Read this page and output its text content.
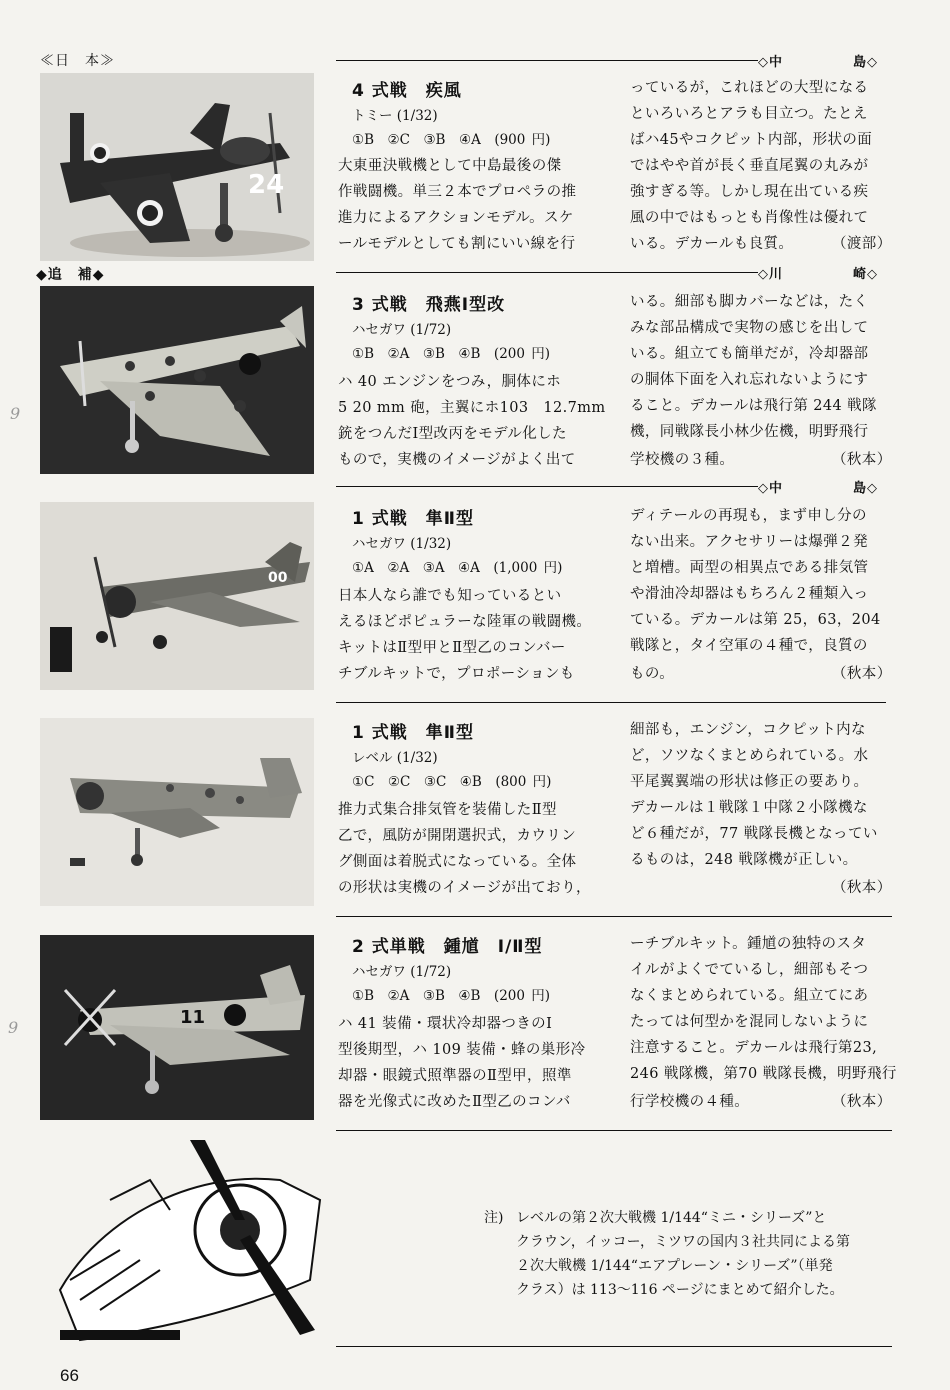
≪日　本≫
◆追　補◆
24
00
11
◇中　　　　　島◇
4 式戦　疾風
トミー (1/32)
①B　②C　③B　④A　(900 円)
大東亜決戦機として中島最後の傑
作戦闘機。単三２本でプロペラの推
進力によるアクションモデル。スケ
ールモデルとしても割にいい線を行
っているが，これほどの大型になる
といろいろとアラも目立つ。たとえ
ばハ45やコクピット内部，形状の面
ではやや首が長く垂直尾翼の丸みが
強すぎる等。しかし現在出ている疾
風の中ではもっとも肖像性は優れて
いる。デカールも良質。	（渡部）
◇川　　　　　崎◇
3 式戦　飛燕Ⅰ型改
ハセガワ (1/72)
①B　②A　③B　④B　(200 円)
ハ 40 エンジンをつみ，胴体にホ
5 20 mm 砲，主翼にホ103　12.7mm
銃をつんだⅠ型改丙をモデル化した
もので，実機のイメージがよく出て
いる。細部も脚カバーなどは，たく
みな部品構成で実物の感じを出して
いる。組立ても簡単だが，冷却器部
の胴体下面を入れ忘れないようにす
ること。デカールは飛行第 244 戦隊
機，同戦隊長小林少佐機，明野飛行
学校機の３種。	（秋本）
◇中　　　　　島◇
1 式戦　隼Ⅱ型
ハセガワ (1/32)
①A　②A　③A　④A　(1,000 円)
日本人なら誰でも知っているとい
えるほどポピュラーな陸軍の戦闘機。
キットはⅡ型甲とⅡ型乙のコンバー
チブルキットで，プロポーションも
ディテールの再現も，まず申し分の
ない出来。アクセサリーは爆弾２発
と増槽。両型の相異点である排気管
や滑油冷却器はもちろん２種類入っ
ている。デカールは第 25，63，204
戦隊と，タイ空軍の４種で，良質の
もの。	（秋本）
1 式戦　隼Ⅱ型
レベル (1/32)
①C　②C　③C　④B　(800 円)
推力式集合排気管を装備したⅡ型
乙で，風防が開閉選択式，カウリン
グ側面は着脱式になっている。全体
の形状は実機のイメージが出ており，
細部も，エンジン，コクピット内な
ど，ソツなくまとめられている。水
平尾翼翼端の形状は修正の要あり。
デカールは１戦隊１中隊２小隊機な
ど６種だが，77 戦隊長機となってい
るものは，248 戦隊機が正しい。
（秋本）
2 式単戦　鍾馗　Ⅰ/Ⅱ型
ハセガワ (1/72)
①B　②A　③B　④B　(200 円)
ハ 41 装備・環状冷却器つきのⅠ
型後期型，ハ 109 装備・蜂の巣形冷
却器・眼鏡式照準器のⅡ型甲，照準
器を光像式に改めたⅡ型乙のコンバ
ーチブルキット。鍾馗の独特のスタ
イルがよくでているし，細部もそつ
なくまとめられている。組立てにあ
たっては何型かを混同しないように
注意すること。デカールは飛行第23,
246 戦隊機，第70 戦隊長機，明野飛行
行学校機の４種。	（秋本）
注) レベルの第２次大戦機 1/144“ミニ・シリーズ”と
クラウン，イッコー，ミツワの国内３社共同による第
２次大戦機 1/144“エアプレーン・シリーズ”（単発
クラス）は 113〜116 ページにまとめて紹介した。
9
9
66
